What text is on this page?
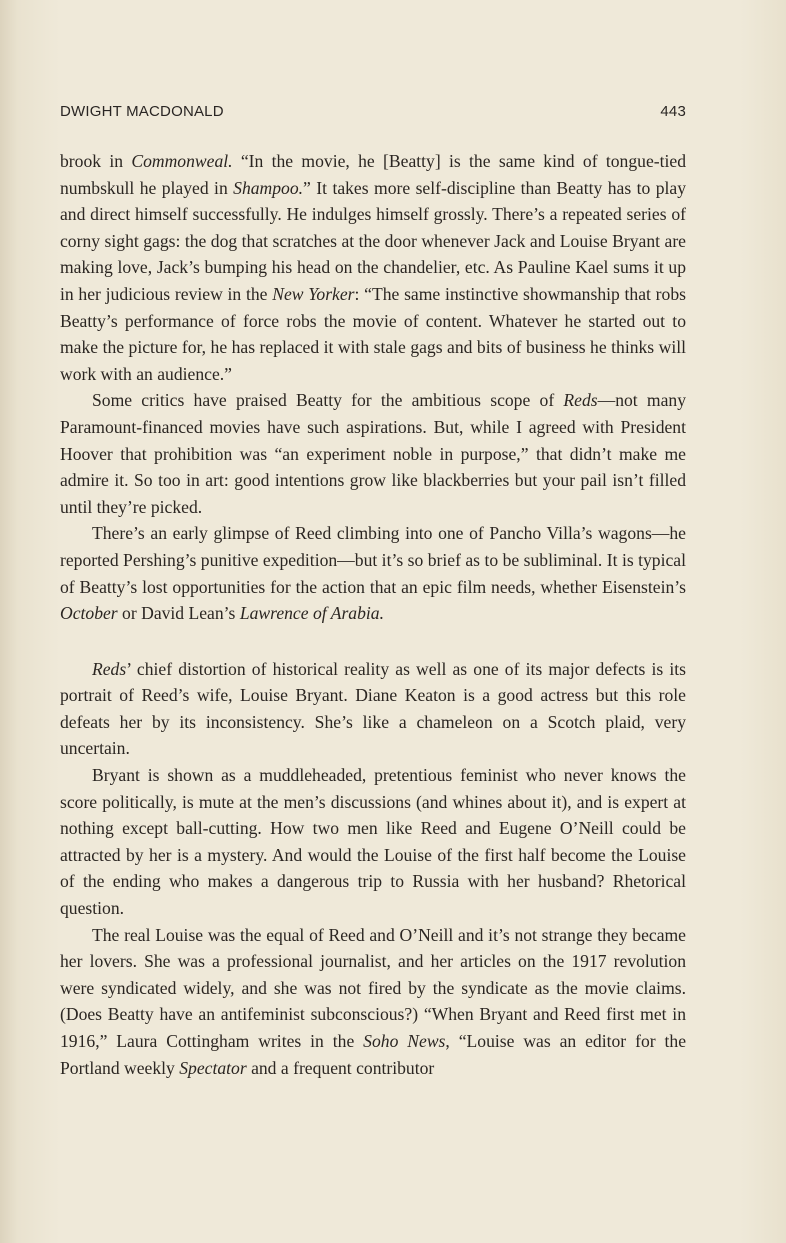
DWIGHT MACDONALD	443

brook in Commonweal. “In the movie, he [Beatty] is the same kind of tongue-tied numbskull he played in Shampoo.” It takes more self-discipline than Beatty has to play and direct himself successfully. He indulges himself grossly. There’s a repeated series of corny sight gags: the dog that scratches at the door whenever Jack and Louise Bryant are making love, Jack’s bumping his head on the chandelier, etc. As Pauline Kael sums it up in her judicious review in the New Yorker: “The same instinctive showmanship that robs Beatty’s performance of force robs the movie of content. Whatever he started out to make the picture for, he has replaced it with stale gags and bits of business he thinks will work with an audience.”

Some critics have praised Beatty for the ambitious scope of Reds—not many Paramount-financed movies have such aspirations. But, while I agreed with President Hoover that prohibition was “an experiment noble in purpose,” that didn’t make me admire it. So too in art: good intentions grow like blackberries but your pail isn’t filled until they’re picked.

There’s an early glimpse of Reed climbing into one of Pancho Villa’s wagons—he reported Pershing’s punitive expedition—but it’s so brief as to be subliminal. It is typical of Beatty’s lost opportunities for the action that an epic film needs, whether Eisenstein’s October or David Lean’s Lawrence of Arabia.

Reds’ chief distortion of historical reality as well as one of its major defects is its portrait of Reed’s wife, Louise Bryant. Diane Keaton is a good actress but this role defeats her by its inconsistency. She’s like a chameleon on a Scotch plaid, very uncertain.

Bryant is shown as a muddleheaded, pretentious feminist who never knows the score politically, is mute at the men’s discussions (and whines about it), and is expert at nothing except ball-cutting. How two men like Reed and Eugene O’Neill could be attracted by her is a mystery. And would the Louise of the first half become the Louise of the ending who makes a dangerous trip to Russia with her husband? Rhetorical question.

The real Louise was the equal of Reed and O’Neill and it’s not strange they became her lovers. She was a professional journalist, and her articles on the 1917 revolution were syndicated widely, and she was not fired by the syndicate as the movie claims. (Does Beatty have an antifeminist subconscious?) “When Bryant and Reed first met in 1916,” Laura Cottingham writes in the Soho News, “Louise was an editor for the Portland weekly Spectator and a frequent contributor
